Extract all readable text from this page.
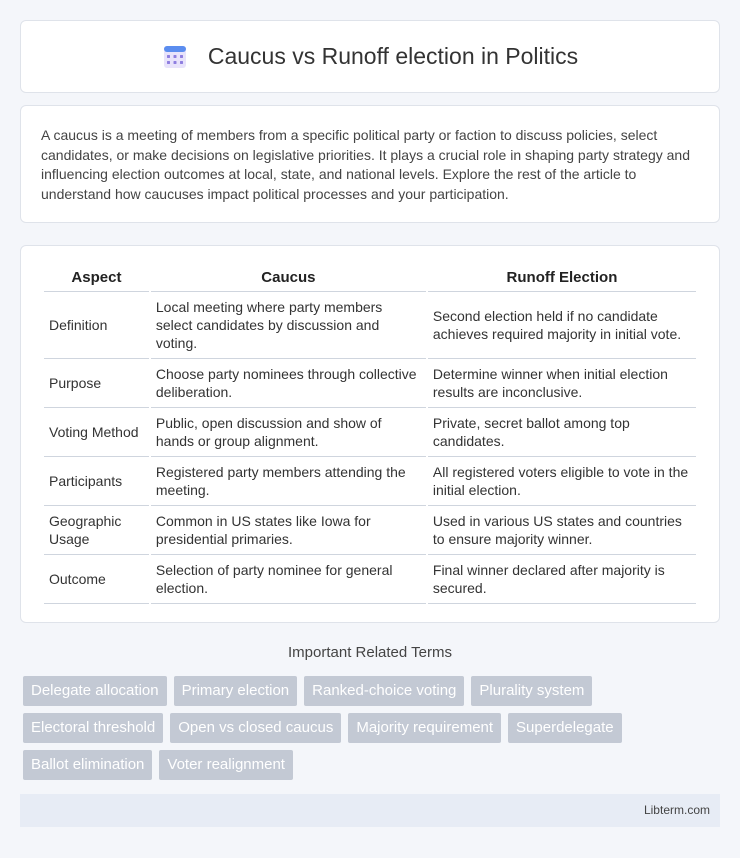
Caucus vs Runoff election in Politics

A caucus is a meeting of members from a specific political party or faction to discuss policies, select candidates, or make decisions on legislative priorities. It plays a crucial role in shaping party strategy and influencing election outcomes at local, state, and national levels. Explore the rest of the article to understand how caucuses impact political processes and your participation.

Aspect	Caucus	Runoff Election
Definition	Local meeting where party members select candidates by discussion and voting.	Second election held if no candidate achieves required majority in initial vote.
Purpose	Choose party nominees through collective deliberation.	Determine winner when initial election results are inconclusive.
Voting Method	Public, open discussion and show of hands or group alignment.	Private, secret ballot among top candidates.
Participants	Registered party members attending the meeting.	All registered voters eligible to vote in the initial election.
Geographic Usage	Common in US states like Iowa for presidential primaries.	Used in various US states and countries to ensure majority winner.
Outcome	Selection of party nominee for general election.	Final winner declared after majority is secured.
Important Related Terms
Delegate allocation	Primary election	Ranked-choice voting	Plurality system
Electoral threshold	Open vs closed caucus	Majority requirement	Superdelegate
Ballot elimination	Voter realignment
Libterm.com
